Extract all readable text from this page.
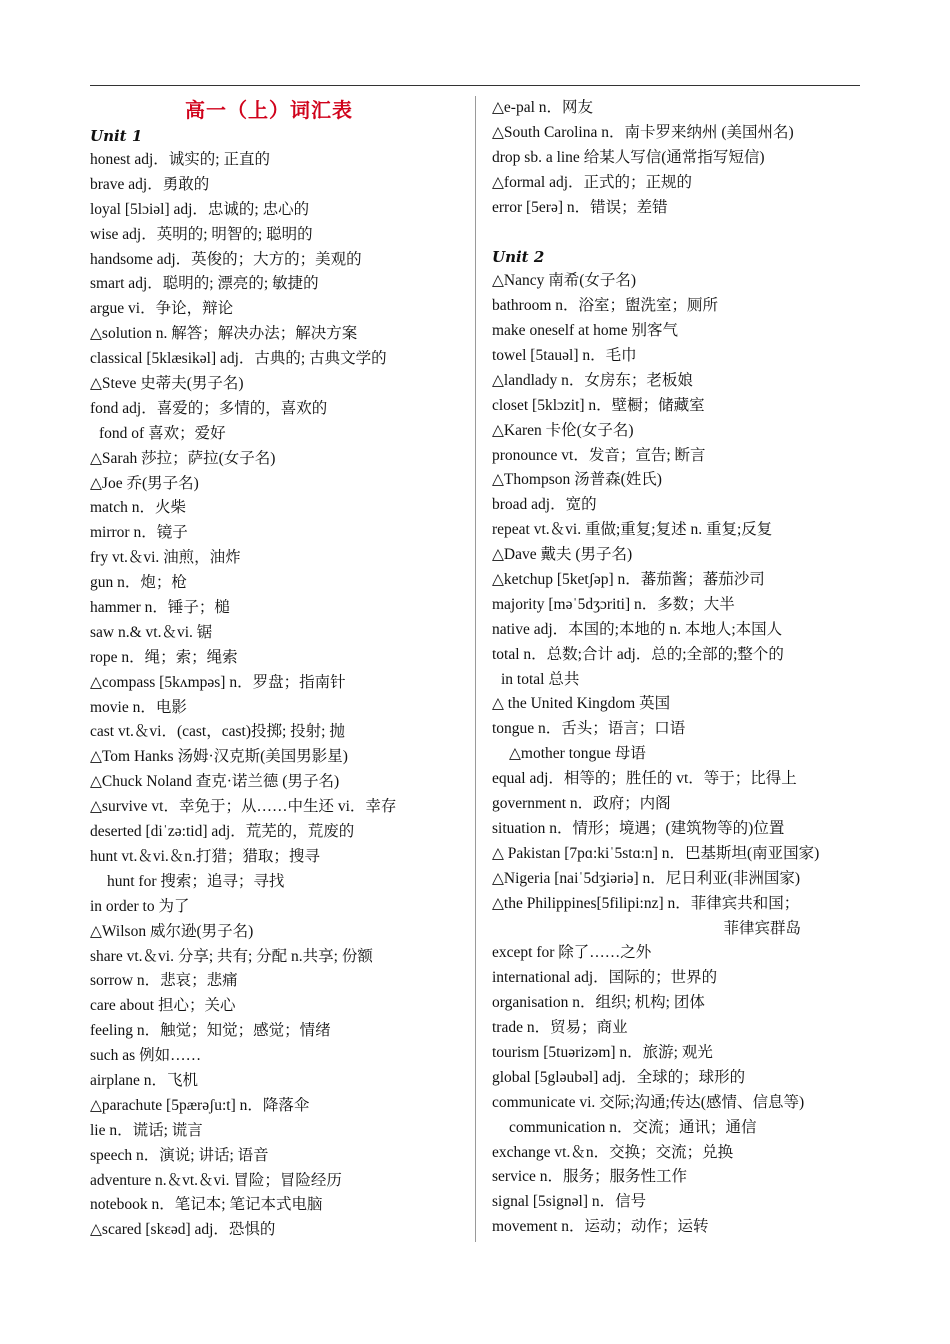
高一（上）词汇表
Unit 1
honest adj．诚实的; 正直的
brave adj．勇敢的
loyal [5lɔiəl] adj．忠诚的; 忠心的
wise adj．英明的; 明智的; 聪明的
handsome adj．英俊的；大方的；美观的
smart adj．聪明的; 漂亮的; 敏捷的
argue vi．争论，辩论
△solution n. 解答；解决办法；解决方案
classical [5klæsikəl] adj．古典的; 古典文学的
△Steve 史蒂夫(男子名)
fond adj．喜爱的；多情的，喜欢的
fond of 喜欢；爱好
△Sarah 莎拉；萨拉(女子名)
△Joe 乔(男子名)
match n．火柴
mirror n．镜子
fry vt.＆vi. 油煎，油炸
gun n．炮；枪
hammer n．锤子；槌
saw n.& vt.＆vi. 锯
rope n．绳；索；绳索
△compass [5kʌmpəs] n．罗盘；指南针
movie n．电影
cast vt.＆vi．(cast，cast)投掷; 投射; 抛
△Tom Hanks 汤姆·汉克斯(美国男影星)
△Chuck Noland 查克·诺兰德 (男子名)
△survive vt．幸免于；从……中生还 vi．幸存
deserted [diˈzə:tid] adj．荒芜的，荒废的
hunt vt.＆vi.＆n.打猎；猎取；搜寻
hunt for 搜索；追寻；寻找
in order to 为了
△Wilson 威尔逊(男子名)
share vt.＆vi. 分享; 共有; 分配 n.共享; 份额
sorrow n．悲哀；悲痛
care about 担心；关心
feeling n．触觉；知觉；感觉；情绪
such as 例如……
airplane n．飞机
△parachute [5pærəʃu:t] n．降落伞
lie n．谎话; 谎言
speech n．演说; 讲话; 语音
adventure n.＆vt.＆vi. 冒险；冒险经历
notebook n．笔记本; 笔记本式电脑
△scared [skɛəd] adj．恐惧的
△e-pal n．网友
△South Carolina n．南卡罗来纳州 (美国州名)
drop sb. a line 给某人写信(通常指写短信)
△formal adj．正式的；正规的
error [5erə] n．错误；差错
Unit 2
△Nancy 南希(女子名)
bathroom n．浴室；盥洗室；厕所
make oneself at home 别客气
towel [5tauəl] n．毛巾
△landlady n．女房东；老板娘
closet [5klɔzit] n．壁橱；储藏室
△Karen 卡伦(女子名)
pronounce vt．发音；宣告; 断言
△Thompson 汤普森(姓氏)
broad adj．宽的
repeat vt.＆vi. 重做;重复;复述 n. 重复;反复
△Dave 戴夫 (男子名)
△ketchup [5ketʃəp] n．蕃茄酱；蕃茄沙司
majority [məˈ5dʒɔriti] n．多数；大半
native adj．本国的;本地的 n. 本地人;本国人
total n．总数;合计 adj．总的;全部的;整个的
in total 总共
△ the United Kingdom 英国
tongue n．舌头；语言；口语
△mother tongue 母语
equal adj．相等的；胜任的 vt．等于；比得上
government n．政府；内阁
situation n．情形；境遇；(建筑物等的)位置
△ Pakistan [7pɑ:kiˈ5stɑ:n] n．巴基斯坦(南亚国家)
△Nigeria [naiˈ5dʒiəriə] n．尼日利亚(非洲国家)
△the Philippines[5filipi:nz] n．菲律宾共和国；
菲律宾群岛
except for 除了……之外
international adj．国际的；世界的
organisation n．组织; 机构; 团体
trade n．贸易；商业
tourism [5tuərizəm] n．旅游; 观光
global [5gləubəl] adj．全球的；球形的
communicate vi. 交际;沟通;传达(感情、信息等)
communication n．交流；通讯；通信
exchange vt.＆n．交换；交流；兑换
service n．服务；服务性工作
signal [5signəl] n．信号
movement n．运动；动作；运转
